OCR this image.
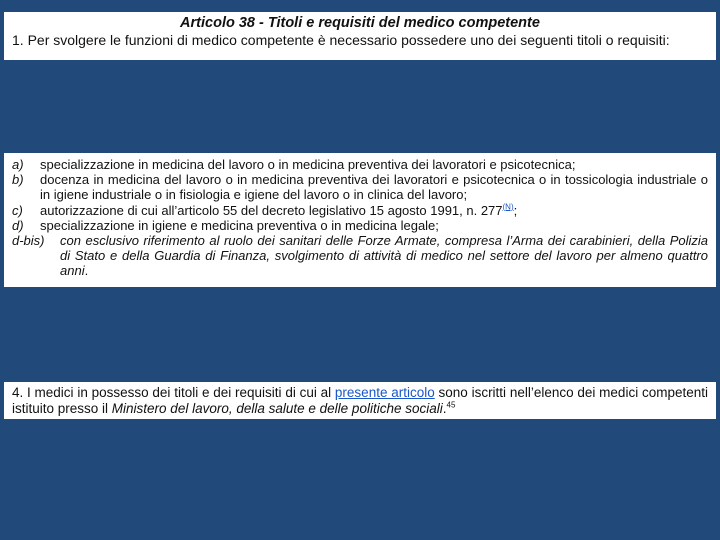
Articolo 38 - Titoli e requisiti del medico competente
1. Per svolgere le funzioni di medico competente è necessario possedere uno dei seguenti titoli o requisiti:
a)	specializzazione in medicina del lavoro o in medicina preventiva dei lavoratori e psicotecnica;
b)	docenza in medicina del lavoro o in medicina preventiva dei lavoratori e psicotecnica o in tossicologia industriale o in igiene industriale o in fisiologia e igiene del lavoro o in clinica del lavoro;
c)	autorizzazione di cui all’articolo 55 del decreto legislativo 15 agosto 1991, n. $277^{(N)}$;
d)	specializzazione in igiene e medicina preventiva o in medicina legale;
d-bis)	con esclusivo riferimento al ruolo dei sanitari delle Forze Armate, compresa l’Arma dei carabinieri, della Polizia di Stato e della Guardia di Finanza, svolgimento di attività di medico nel settore del lavoro per almeno quattro anni.
4. I medici in possesso dei titoli e dei requisiti di cui al presente articolo sono iscritti nell’elenco dei medici competenti istituito presso il Ministero del lavoro, della salute e delle politiche sociali.$^{45}$
